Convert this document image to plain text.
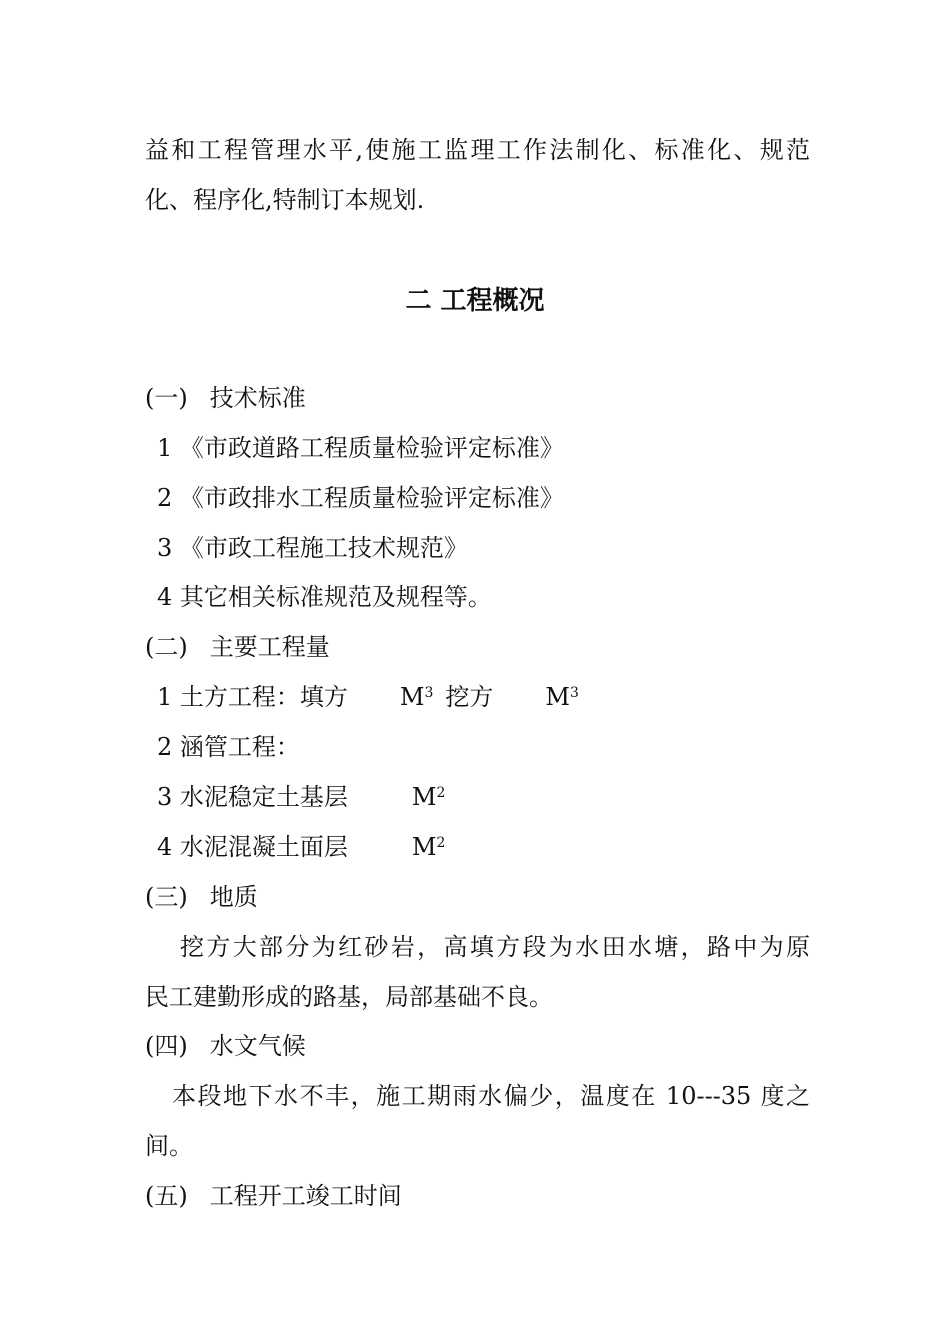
益和工程管理水平,使施工监理工作法制化、标准化、规范
化、程序化,特制订本规划.
二 工程概况
(一) 技术标准
1 《市政道路工程质量检验评定标准》
2 《市政排水工程质量检验评定标准》
3 《市政工程施工技术规范》
4 其它相关标准规范及规程等。
(二) 主要工程量
1 土方工程：填方 $M^3$ 挖方 $M^3$
2 涵管工程：
3 水泥稳定土基层	$M^2$
4 水泥混凝土面层	$M^2$
(三) 地质
挖方大部分为红砂岩，高填方段为水田水塘，路中为原
民工建勤形成的路基，局部基础不良。
(四) 水文气候
本段地下水不丰，施工期雨水偏少，温度在 10---35 度之
间。
(五) 工程开工竣工时间
